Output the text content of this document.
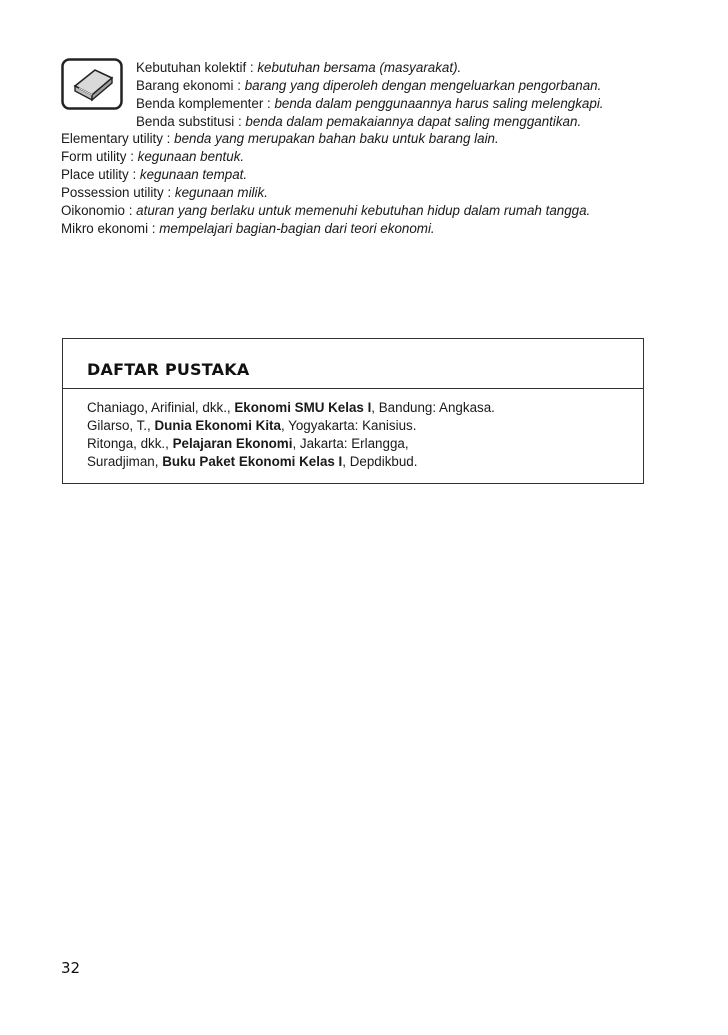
Kebutuhan kolektif : kebutuhan bersama (masyarakat).
Barang ekonomi : barang yang diperoleh dengan mengeluarkan pengorbanan.
Benda komplementer : benda dalam penggunaannya harus saling melengkapi.
Benda substitusi : benda dalam pemakaiannya dapat saling menggantikan.
Elementary utility : benda yang merupakan bahan baku untuk barang lain.
Form utility : kegunaan bentuk.
Place utility : kegunaan tempat.
Possession utility : kegunaan milik.
Oikonomio : aturan yang berlaku untuk memenuhi kebutuhan hidup dalam rumah tangga.
Mikro ekonomi : mempelajari bagian-bagian dari teori ekonomi.
DAFTAR PUSTAKA
Chaniago, Arifinial, dkk., Ekonomi SMU Kelas I, Bandung: Angkasa.
Gilarso, T., Dunia Ekonomi Kita, Yogyakarta: Kanisius.
Ritonga, dkk., Pelajaran Ekonomi, Jakarta: Erlangga,
Suradjiman, Buku Paket Ekonomi Kelas I, Depdikbud.
32
